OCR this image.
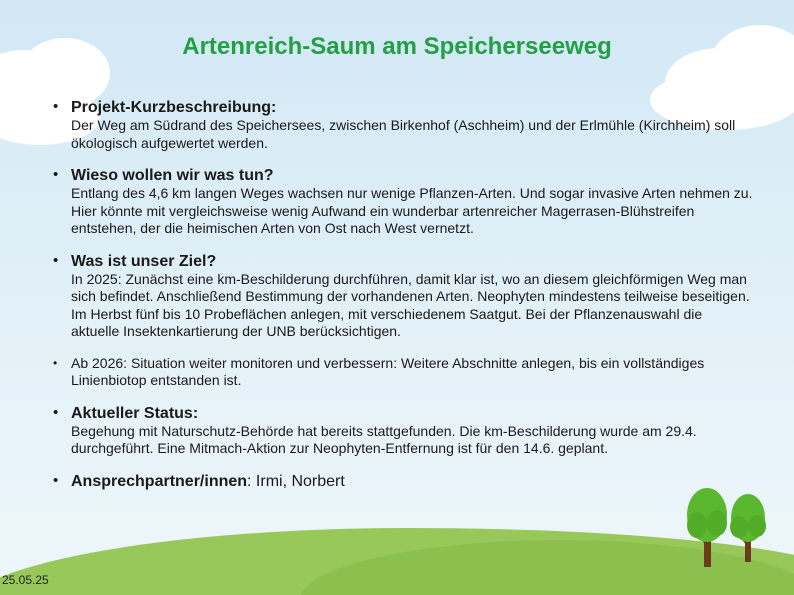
Artenreich-Saum am Speicherseeweg
• Projekt-Kurzbeschreibung:
Der Weg am Südrand des Speichersees, zwischen Birkenhof (Aschheim) und der Erlmühle (Kirchheim) soll ökologisch aufgewertet werden.
• Wieso wollen wir was tun?
Entlang des 4,6 km langen Weges wachsen nur wenige Pflanzen-Arten. Und sogar invasive Arten nehmen zu. Hier könnte mit vergleichsweise wenig Aufwand ein wunderbar artenreicher Magerrasen-Blühstreifen entstehen, der die heimischen Arten von Ost nach West vernetzt.
• Was ist unser Ziel?
In 2025: Zunächst eine km-Beschilderung durchführen, damit klar ist, wo an diesem gleichförmigen Weg man sich befindet. Anschließend Bestimmung der vorhandenen Arten. Neophyten mindestens teilweise beseitigen. Im Herbst fünf bis 10 Probeflächen anlegen, mit verschiedenem Saatgut. Bei der Pflanzenauswahl die aktuelle Insektenkartierung der UNB berücksichtigen.
• Ab 2026: Situation weiter monitoren und verbessern: Weitere Abschnitte anlegen, bis ein vollständiges Linienbiotop entstanden ist.
• Aktueller Status:
Begehung mit Naturschutz-Behörde hat bereits stattgefunden. Die km-Beschilderung wurde am 29.4. durchgeführt. Eine Mitmach-Aktion zur Neophyten-Entfernung ist für den 14.6. geplant.
• Ansprechpartner/innen: Irmi, Norbert
25.05.25
